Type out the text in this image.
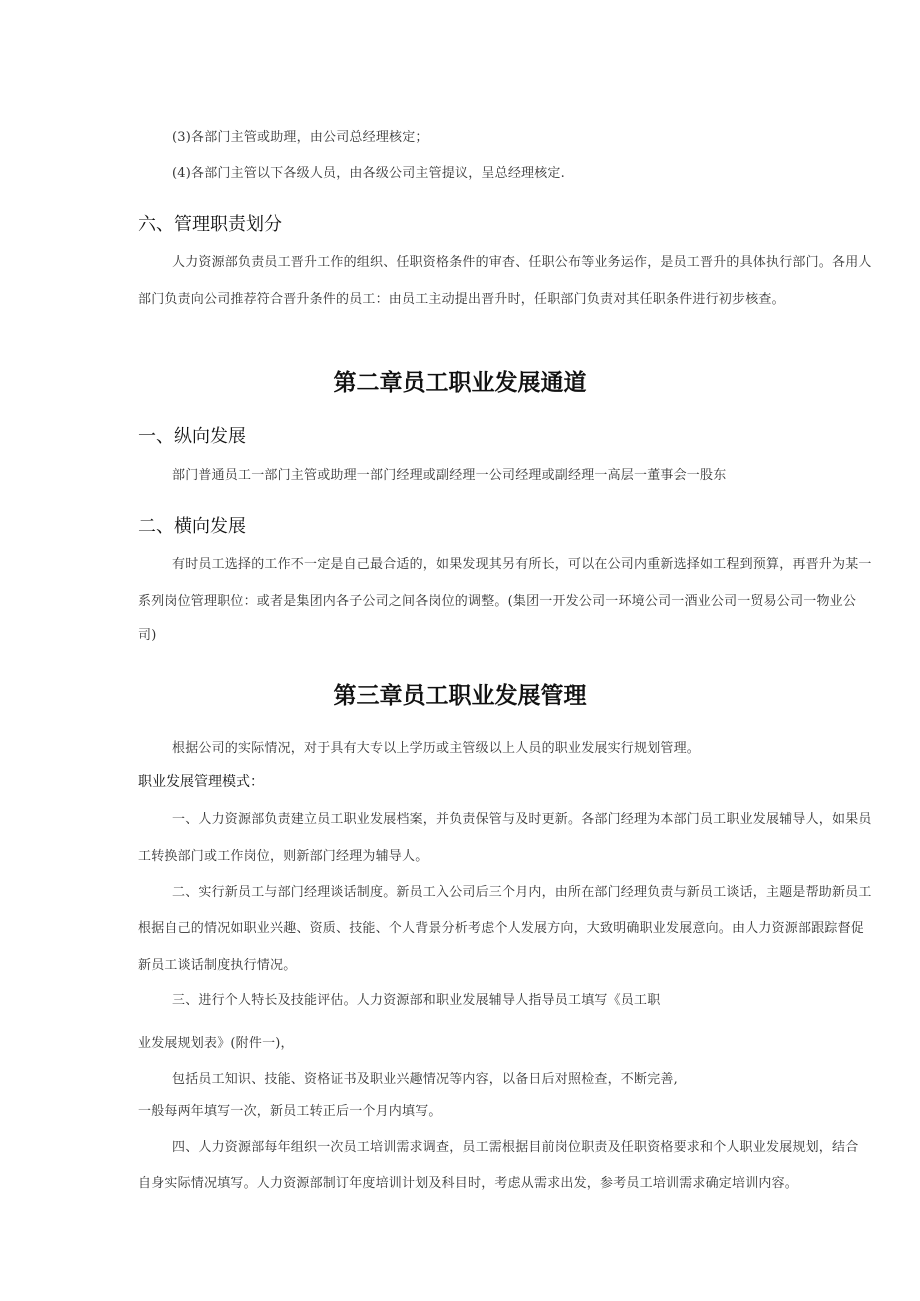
(3)各部门主管或助理，由公司总经理核定；

(4)各部门主管以下各级人员，由各级公司主管提议，呈总经理核定.

六、管理职责划分

人力资源部负责员工晋升工作的组织、任职资格条件的审杳、任职公布等业务运作，是员工晋升的具体执行部门。各用人

部门负责向公司推荐符合晋升条件的员工：由员工主动提出晋升时，任职部门负责对其任职条件进行初步核查。

第二章员工职业发展通道
一、纵向发展

部门普通员工一部门主管或助理一部门经理或副经理一公司经理或副经理一高层一董事会一股东

二、横向发展

有时员工选择的工作不一定是自己最合适的，如果发现其另有所长，可以在公司内重新选择如工程到预算，再晋升为某一

系列岗位管理职位：或者是集团内各子公司之间各岗位的调整。(集团一开发公司一环境公司一酒业公司一贸易公司一物业公

司)

第三章员工职业发展管理

根据公司的实际情况，对于具有大专以上学历或主管级以上人员的职业发展实行规划管理。

职业发展管理模式：

一、人力资源部负责建立员工职业发展档案，并负责保管与及时更新。各部门经理为本部门员工职业发展辅导人，如果员

工转换部门或工作岗位，则新部门经理为辅导人。

二、实行新员工与部门经理谈话制度。新员工入公司后三个月内，由所在部门经理负责与新员工谈话，主题是帮助新员工

根据自己的情况如职业兴趣、资质、技能、个人背景分析考虑个人发展方向，大致明确职业发展意向。由人力资源部跟踪督促

新员工谈话制度执行情况。

三、进行个人特长及技能评估。人力资源部和职业发展辅导人指导员工填写《员工职

业发展规划表》(附件一)，

包括员工知识、技能、资格证书及职业兴趣情况等内容，以备日后对照检查，不断完善,

一般每两年填写一次，新员工转正后一个月内填写。

四、人力资源部每年组织一次员工培训需求调查，员工需根据目前岗位职责及任职资格要求和个人职业发展规划，结合

自身实际情况填写。人力资源部制订年度培训计划及科目时，考虑从需求出发，参考员工培训需求确定培训内容。
